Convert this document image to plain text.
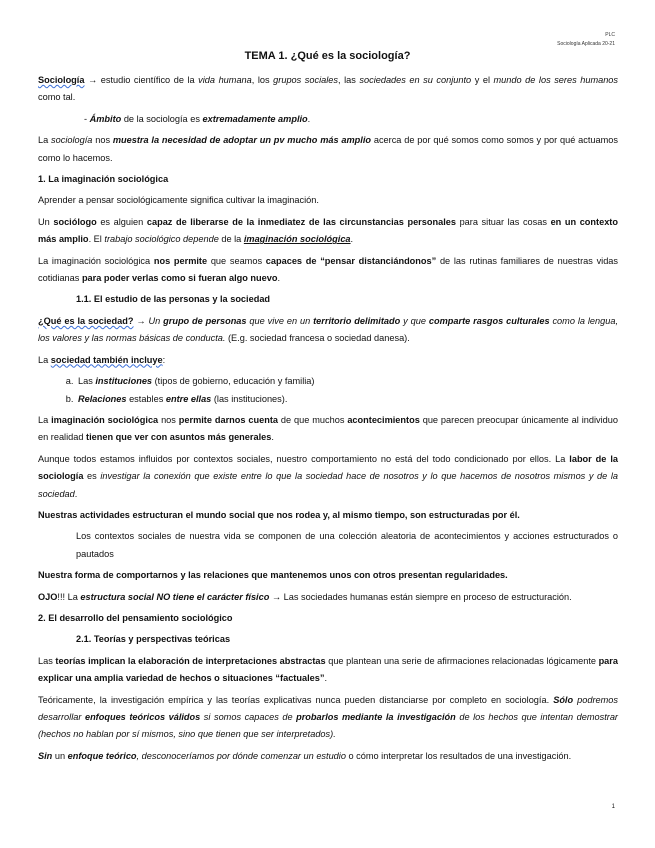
PLC
Sociología Aplicada 20-21
TEMA 1. ¿Qué es la sociología?

Sociología → estudio científico de la vida humana, los grupos sociales, las sociedades en su conjunto y el mundo de los seres humanos como tal.

- Ámbito de la sociología es extremadamente amplio.

La sociología nos muestra la necesidad de adoptar un pv mucho más amplio acerca de por qué somos como somos y por qué actuamos como lo hacemos.

1. La imaginación sociológica

Aprender a pensar sociológicamente significa cultivar la imaginación.

Un sociólogo es alguien capaz de liberarse de la inmediatez de las circunstancias personales para situar las cosas en un contexto más amplio. El trabajo sociológico depende de la imaginación sociológica.

La imaginación sociológica nos permite que seamos capaces de “pensar distanciándonos” de las rutinas familiares de nuestras vidas cotidianas para poder verlas como si fueran algo nuevo.

1.1. El estudio de las personas y la sociedad

¿Qué es la sociedad? → Un grupo de personas que vive en un territorio delimitado y que comparte rasgos culturales como la lengua, los valores y las normas básicas de conducta. (E.g. sociedad francesa o sociedad danesa).

La sociedad también incluye:

a. Las instituciones (tipos de gobierno, educación y familia)
b. Relaciones estables entre ellas (las instituciones).

La imaginación sociológica nos permite darnos cuenta de que muchos acontecimientos que parecen preocupar únicamente al individuo en realidad tienen que ver con asuntos más generales.

Aunque todos estamos influidos por contextos sociales, nuestro comportamiento no está del todo condicionado por ellos. La labor de la sociología es investigar la conexión que existe entre lo que la sociedad hace de nosotros y lo que hacemos de nosotros mismos y de la sociedad.

Nuestras actividades estructuran el mundo social que nos rodea y, al mismo tiempo, son estructuradas por él.

Los contextos sociales de nuestra vida se componen de una colección aleatoria de acontecimientos y acciones estructurados o pautados

Nuestra forma de comportarnos y las relaciones que mantenemos unos con otros presentan regularidades.

OJO!!! La estructura social NO tiene el carácter físico → Las sociedades humanas están siempre en proceso de estructuración.

2. El desarrollo del pensamiento sociológico

2.1. Teorías y perspectivas teóricas

Las teorías implican la elaboración de interpretaciones abstractas que plantean una serie de afirmaciones relacionadas lógicamente para explicar una amplia variedad de hechos o situaciones “factuales”.

Teóricamente, la investigación empírica y las teorías explicativas nunca pueden distanciarse por completo en sociología. Sólo podremos desarrollar enfoques teóricos válidos si somos capaces de probarlos mediante la investigación de los hechos que intentan demostrar (hechos no hablan por sí mismos, sino que tienen que ser interpretados).

Sin un enfoque teórico, desconoceríamos por dónde comenzar un estudio o cómo interpretar los resultados de una investigación.

1
